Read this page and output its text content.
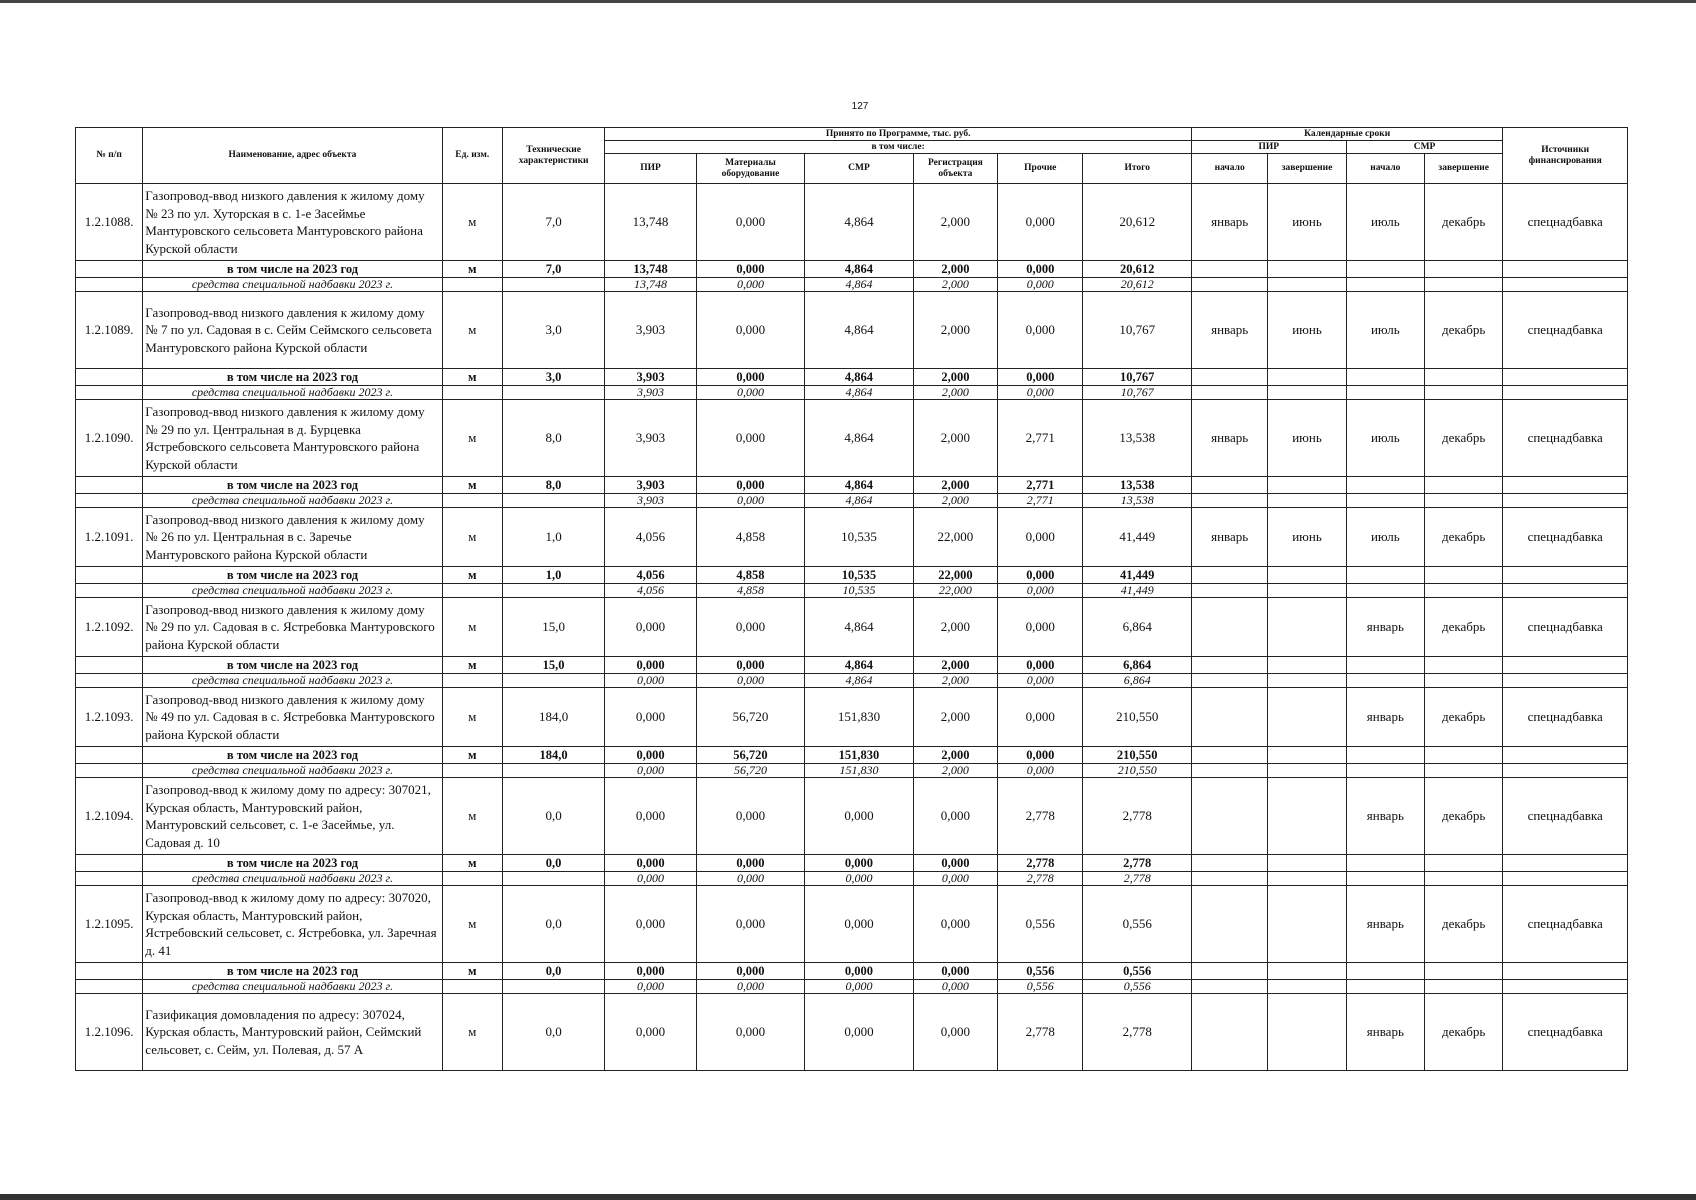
127
№ п/п	Наименование, адрес объекта	Ед. изм.	Технические характеристики	Принято по Программе, тыс. руб.						Календарные сроки				Источники финансирования
				в том числе:						ПИР		СМР		
				ПИР	Материалы оборудование	СМР	Регистрация объекта	Прочие	Итого	начало	завершение	начало	завершение	
1.2.1088.	Газопровод-ввод низкого давления к жилому дому № 23 по ул. Хуторская в с. 1-е Засеймье Мантуровского сельсовета Мантуровского района Курской области	м	7,0	13,748	0,000	4,864	2,000	0,000	20,612	январь	июнь	июль	декабрь	спецнадбавка
	в том числе на 2023 год	м	7,0	13,748	0,000	4,864	2,000	0,000	20,612					
	средства специальной надбавки 2023 г.			13,748	0,000	4,864	2,000	0,000	20,612					
1.2.1089.	Газопровод-ввод низкого давления к жилому дому № 7 по ул. Садовая в с. Сейм Сеймского сельсовета Мантуровского района Курской области	м	3,0	3,903	0,000	4,864	2,000	0,000	10,767	январь	июнь	июль	декабрь	спецнадбавка
	в том числе на 2023 год	м	3,0	3,903	0,000	4,864	2,000	0,000	10,767					
	средства специальной надбавки 2023 г.			3,903	0,000	4,864	2,000	0,000	10,767					
1.2.1090.	Газопровод-ввод низкого давления к жилому дому № 29 по ул. Центральная в д. Бурцевка Ястребовского сельсовета Мантуровского района Курской области	м	8,0	3,903	0,000	4,864	2,000	2,771	13,538	январь	июнь	июль	декабрь	спецнадбавка
	в том числе на 2023 год	м	8,0	3,903	0,000	4,864	2,000	2,771	13,538					
	средства специальной надбавки 2023 г.			3,903	0,000	4,864	2,000	2,771	13,538					
1.2.1091.	Газопровод-ввод низкого давления к жилому дому № 26 по ул. Центральная в с. Заречье Мантуровского района Курской области	м	1,0	4,056	4,858	10,535	22,000	0,000	41,449	январь	июнь	июль	декабрь	спецнадбавка
	в том числе на 2023 год	м	1,0	4,056	4,858	10,535	22,000	0,000	41,449					
	средства специальной надбавки 2023 г.			4,056	4,858	10,535	22,000	0,000	41,449					
1.2.1092.	Газопровод-ввод низкого давления к жилому дому № 29 по ул. Садовая в с. Ястребовка Мантуровского района Курской области	м	15,0	0,000	0,000	4,864	2,000	0,000	6,864			январь	декабрь	спецнадбавка
	в том числе на 2023 год	м	15,0	0,000	0,000	4,864	2,000	0,000	6,864					
	средства специальной надбавки 2023 г.			0,000	0,000	4,864	2,000	0,000	6,864					
1.2.1093.	Газопровод-ввод низкого давления к жилому дому № 49 по ул. Садовая в с. Ястребовка Мантуровского района Курской области	м	184,0	0,000	56,720	151,830	2,000	0,000	210,550			январь	декабрь	спецнадбавка
	в том числе на 2023 год	м	184,0	0,000	56,720	151,830	2,000	0,000	210,550					
	средства специальной надбавки 2023 г.			0,000	56,720	151,830	2,000	0,000	210,550					
1.2.1094.	Газопровод-ввод к жилому дому по адресу: 307021, Курская область, Мантуровский район, Мантуровский сельсовет, с. 1-е Засеймье, ул. Садовая д. 10	м	0,0	0,000	0,000	0,000	0,000	2,778	2,778			январь	декабрь	спецнадбавка
	в том числе на 2023 год	м	0,0	0,000	0,000	0,000	0,000	2,778	2,778					
	средства специальной надбавки 2023 г.			0,000	0,000	0,000	0,000	2,778	2,778					
1.2.1095.	Газопровод-ввод к жилому дому по адресу: 307020, Курская область, Мантуровский район, Ястребовский сельсовет, с. Ястребовка, ул. Заречная д. 41	м	0,0	0,000	0,000	0,000	0,000	0,556	0,556			январь	декабрь	спецнадбавка
	в том числе на 2023 год	м	0,0	0,000	0,000	0,000	0,000	0,556	0,556					
	средства специальной надбавки 2023 г.			0,000	0,000	0,000	0,000	0,556	0,556					
1.2.1096.	Газификация домовладения по адресу: 307024, Курская область, Мантуровский район, Сеймский сельсовет, с. Сейм, ул. Полевая, д. 57 А	м	0,0	0,000	0,000	0,000	0,000	2,778	2,778			январь	декабрь	спецнадбавка
